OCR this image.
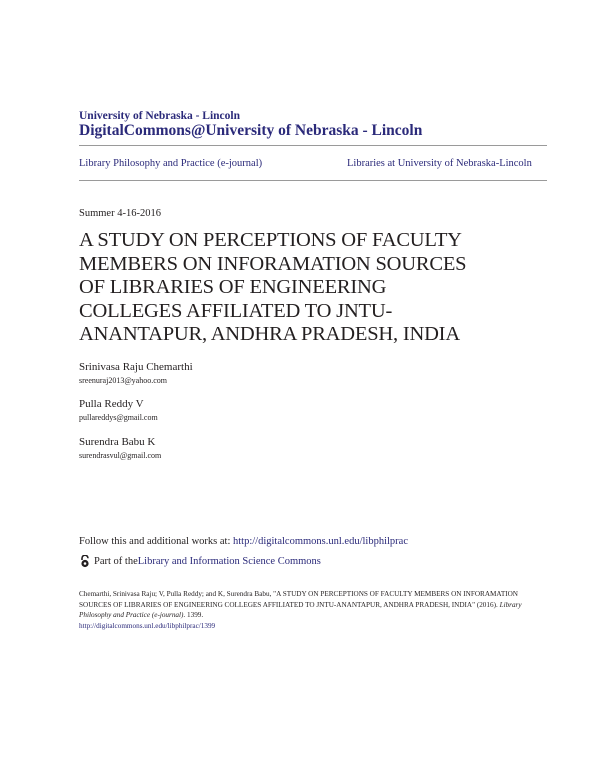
University of Nebraska - Lincoln
DigitalCommons@University of Nebraska - Lincoln
Library Philosophy and Practice (e-journal)	Libraries at University of Nebraska-Lincoln
Summer 4-16-2016
A STUDY ON PERCEPTIONS OF FACULTY
MEMBERS ON INFORAMATION SOURCES
OF LIBRARIES OF ENGINEERING
COLLEGES AFFILIATED TO JNTU-
ANANTAPUR, ANDHRA PRADESH, INDIA
Srinivasa Raju Chemarthi
sreenuraj2013@yahoo.com
Pulla Reddy V
pullareddys@gmail.com
Surendra Babu K
surendrasvul@gmail.com
Follow this and additional works at: http://digitalcommons.unl.edu/libphilprac
Part of the Library and Information Science Commons
Chemarthi, Srinivasa Raju; V, Pulla Reddy; and K, Surendra Babu, "A STUDY ON PERCEPTIONS OF FACULTY MEMBERS ON INFORAMATION SOURCES OF LIBRARIES OF ENGINEERING COLLEGES AFFILIATED TO JNTU-ANANTAPUR, ANDHRA PRADESH, INDIA" (2016). Library Philosophy and Practice (e-journal). 1399.
http://digitalcommons.unl.edu/libphilprac/1399
